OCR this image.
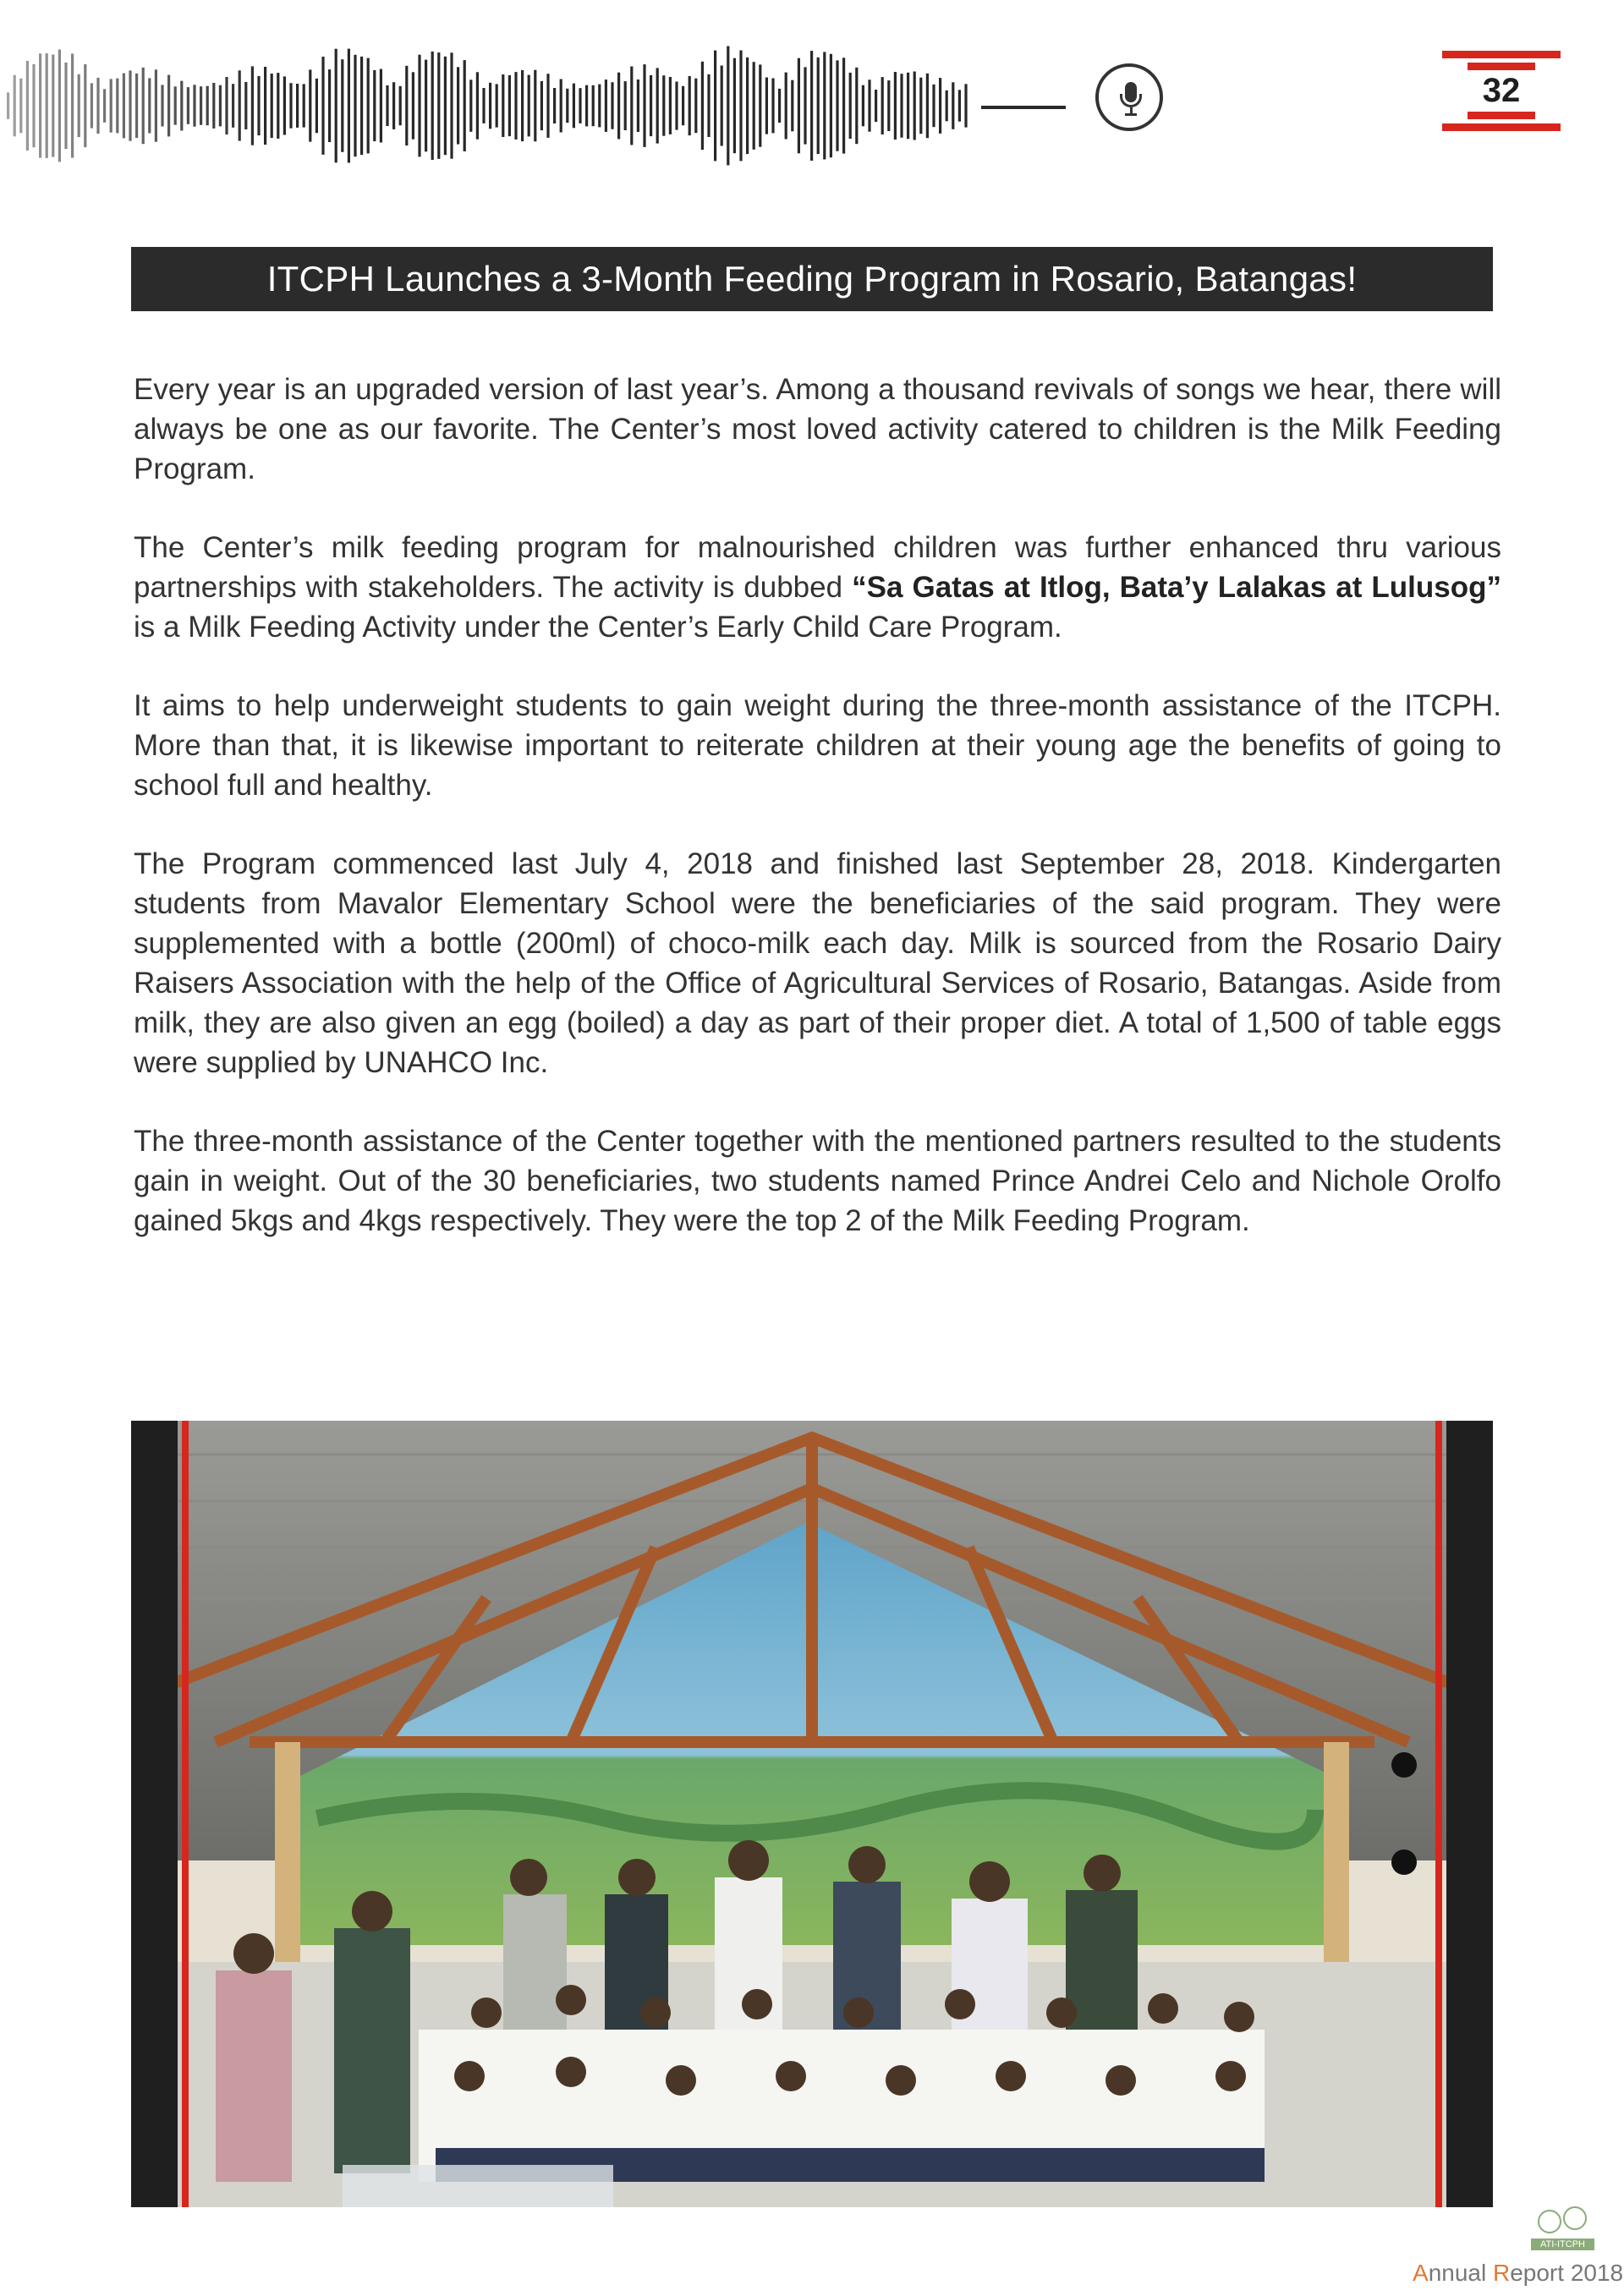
32
ITCPH Launches a 3-Month Feeding Program in Rosario, Batangas!

Every year is an upgraded version of last year’s. Among a thousand revivals of songs we hear, there will always be one as our favorite. The Center’s most loved activity catered to children is the Milk Feeding Program.

The Center’s milk feeding program for malnourished children was further enhanced thru various partnerships with stakeholders. The activity is dubbed “Sa Gatas at Itlog, Bata’y Lalakas at Lulusog” is a Milk Feeding Activity under the Center’s Early Child Care Program.

It aims to help underweight students to gain weight during the three-month assistance of the ITCPH. More than that, it is likewise important to reiterate children at their young age the benefits of going to school full and healthy.

The Program commenced last July 4, 2018 and finished last September 28, 2018. Kindergarten students from Mavalor Elementary School were the beneficiaries of the said program. They were supplemented with a bottle (200ml) of choco-milk each day. Milk is sourced from the Rosario Dairy Raisers Association with the help of the Office of Agricultural Services of Rosario, Batangas. Aside from milk, they are also given an egg (boiled) a day as part of their proper diet. A total of 1,500 of table eggs were supplied by UNAHCO Inc.

The three-month assistance of the Center together with the mentioned partners resulted to the students gain in weight. Out of the 30 beneficiaries, two students named Prince Andrei Celo and Nichole Orolfo gained 5kgs and 4kgs respectively. They were the top 2 of the Milk Feeding Program.

ATI-ITCPH
Annual Report 2018
